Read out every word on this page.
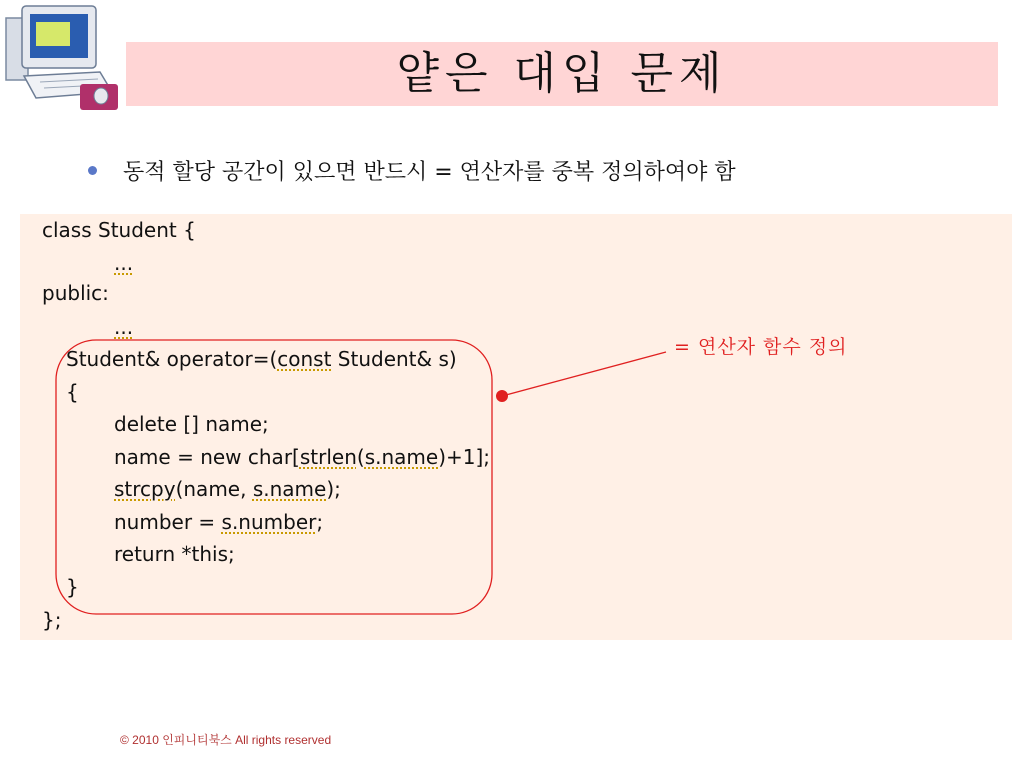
얕은 대입 문제
동적 할당 공간이 있으면 반드시 = 연산자를 중복 정의하여야 함
class Student {
...
public:
...
Student& operator=(const Student& s)
{
delete [] name;
name = new char[strlen(s.name)+1];
strcpy(name, s.name);
number = s.number;
return *this;
}
};
= 연산자 함수 정의
© 2010 인피니티북스 All rights reserved
